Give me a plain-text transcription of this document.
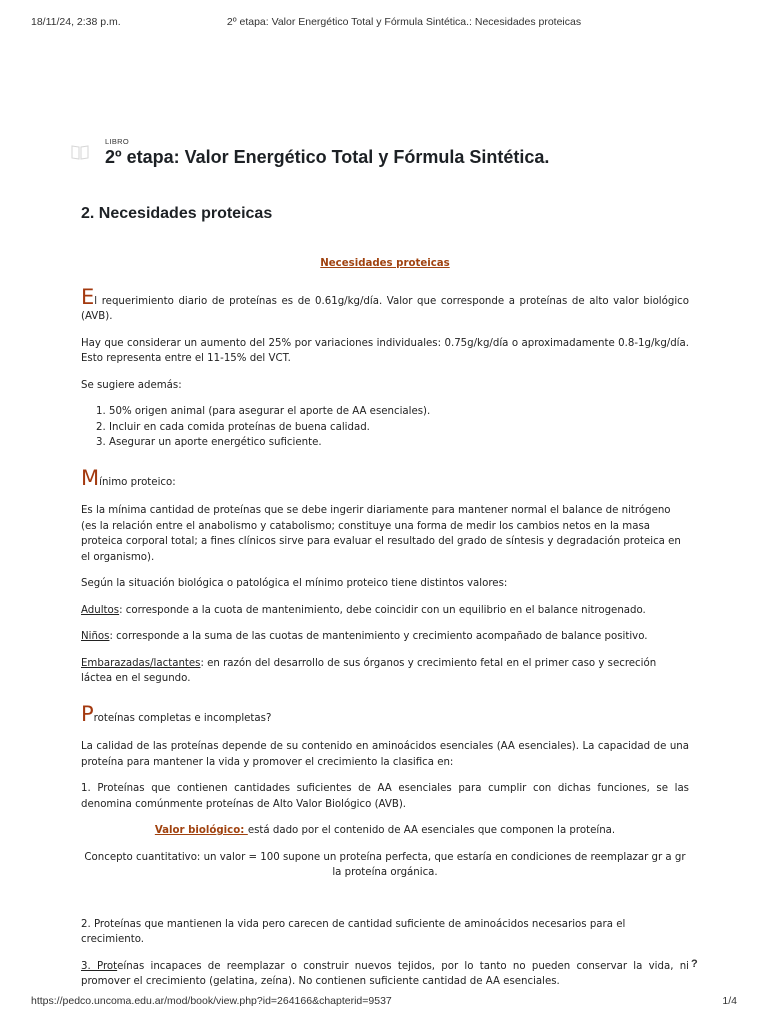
18/11/24, 2:38 p.m.	2º etapa: Valor Energético Total y Fórmula Sintética.: Necesidades proteicas
LIBRO
2º etapa: Valor Energético Total y Fórmula Sintética.
2. Necesidades proteicas

Necesidades proteicas

El requerimiento diario de proteínas es de 0.61g/kg/día. Valor que corresponde a proteínas de alto valor biológico (AVB).

Hay que considerar un aumento del 25% por variaciones individuales: 0.75g/kg/día o aproximadamente 0.8-1g/kg/día. Esto representa entre el 11-15% del VCT.

Se sugiere además:

1. 50% origen animal (para asegurar el aporte de AA esenciales).
2. Incluir en cada comida proteínas de buena calidad.
3. Asegurar un aporte energético suficiente.

Mínimo proteico:

Es la mínima cantidad de proteínas que se debe ingerir diariamente para mantener normal el balance de nitrógeno (es la relación entre el anabolismo y catabolismo; constituye una forma de medir los cambios netos en la masa proteica corporal total; a fines clínicos sirve para evaluar el resultado del grado de síntesis y degradación proteica en el organismo).

Según la situación biológica o patológica el mínimo proteico tiene distintos valores:

Adultos: corresponde a la cuota de mantenimiento, debe coincidir con un equilibrio en el balance nitrogenado.

Niños: corresponde a la suma de las cuotas de mantenimiento y crecimiento acompañado de balance positivo.

Embarazadas/lactantes: en razón del desarrollo de sus órganos y crecimiento fetal en el primer caso y secreción láctea en el segundo.

Proteínas completas e incompletas?

La calidad de las proteínas depende de su contenido en aminoácidos esenciales (AA esenciales). La capacidad de una proteína para mantener la vida y promover el crecimiento la clasifica en:

1. Proteínas que contienen cantidades suficientes de AA esenciales para cumplir con dichas funciones, se las denomina comúnmente proteínas de Alto Valor Biológico (AVB).

Valor biológico: está dado por el contenido de AA esenciales que componen la proteína.

Concepto cuantitativo: un valor = 100 supone un proteína perfecta, que estaría en condiciones de reemplazar gr a gr la proteína orgánica.

2. Proteínas que mantienen la vida pero carecen de cantidad suficiente de aminoácidos necesarios para el crecimiento.

3. Proteínas incapaces de reemplazar o construir nuevos tejidos, por lo tanto no pueden conservar la vida, ni promover el crecimiento (gelatina, zeína). No contienen suficiente cantidad de AA esenciales.

?
https://pedco.uncoma.edu.ar/mod/book/view.php?id=264166&chapterid=9537	1/4
